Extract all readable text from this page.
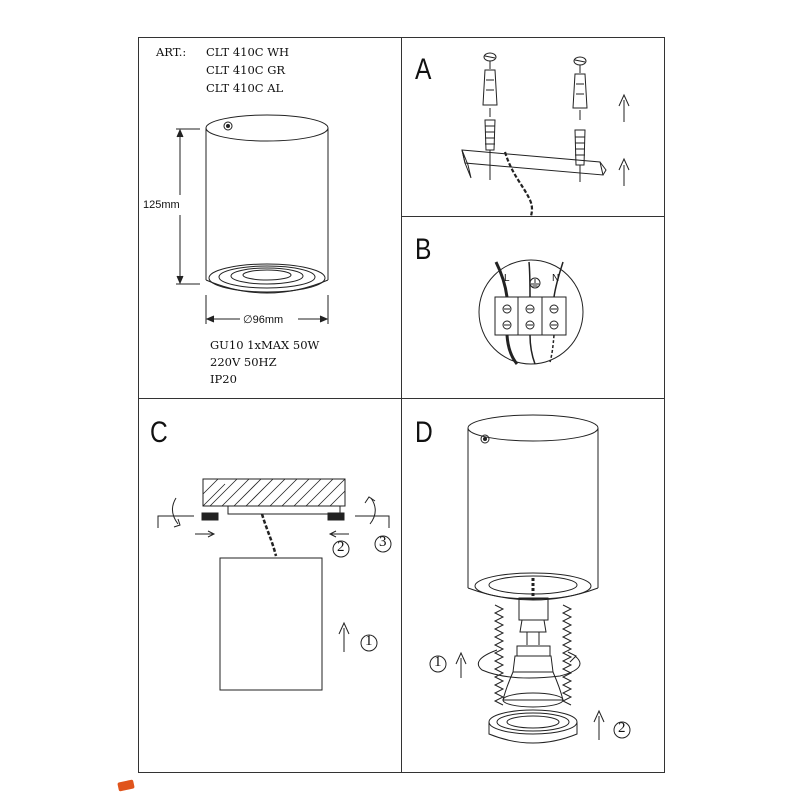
ART.: CLT 410C WH
CLT 410C GR
CLT 410C AL
125mm
∅96mm
GU10 1xMAX 50W
220V 50HZ
IP20
A
B
C	D
L	N
1
2 3
1
2
